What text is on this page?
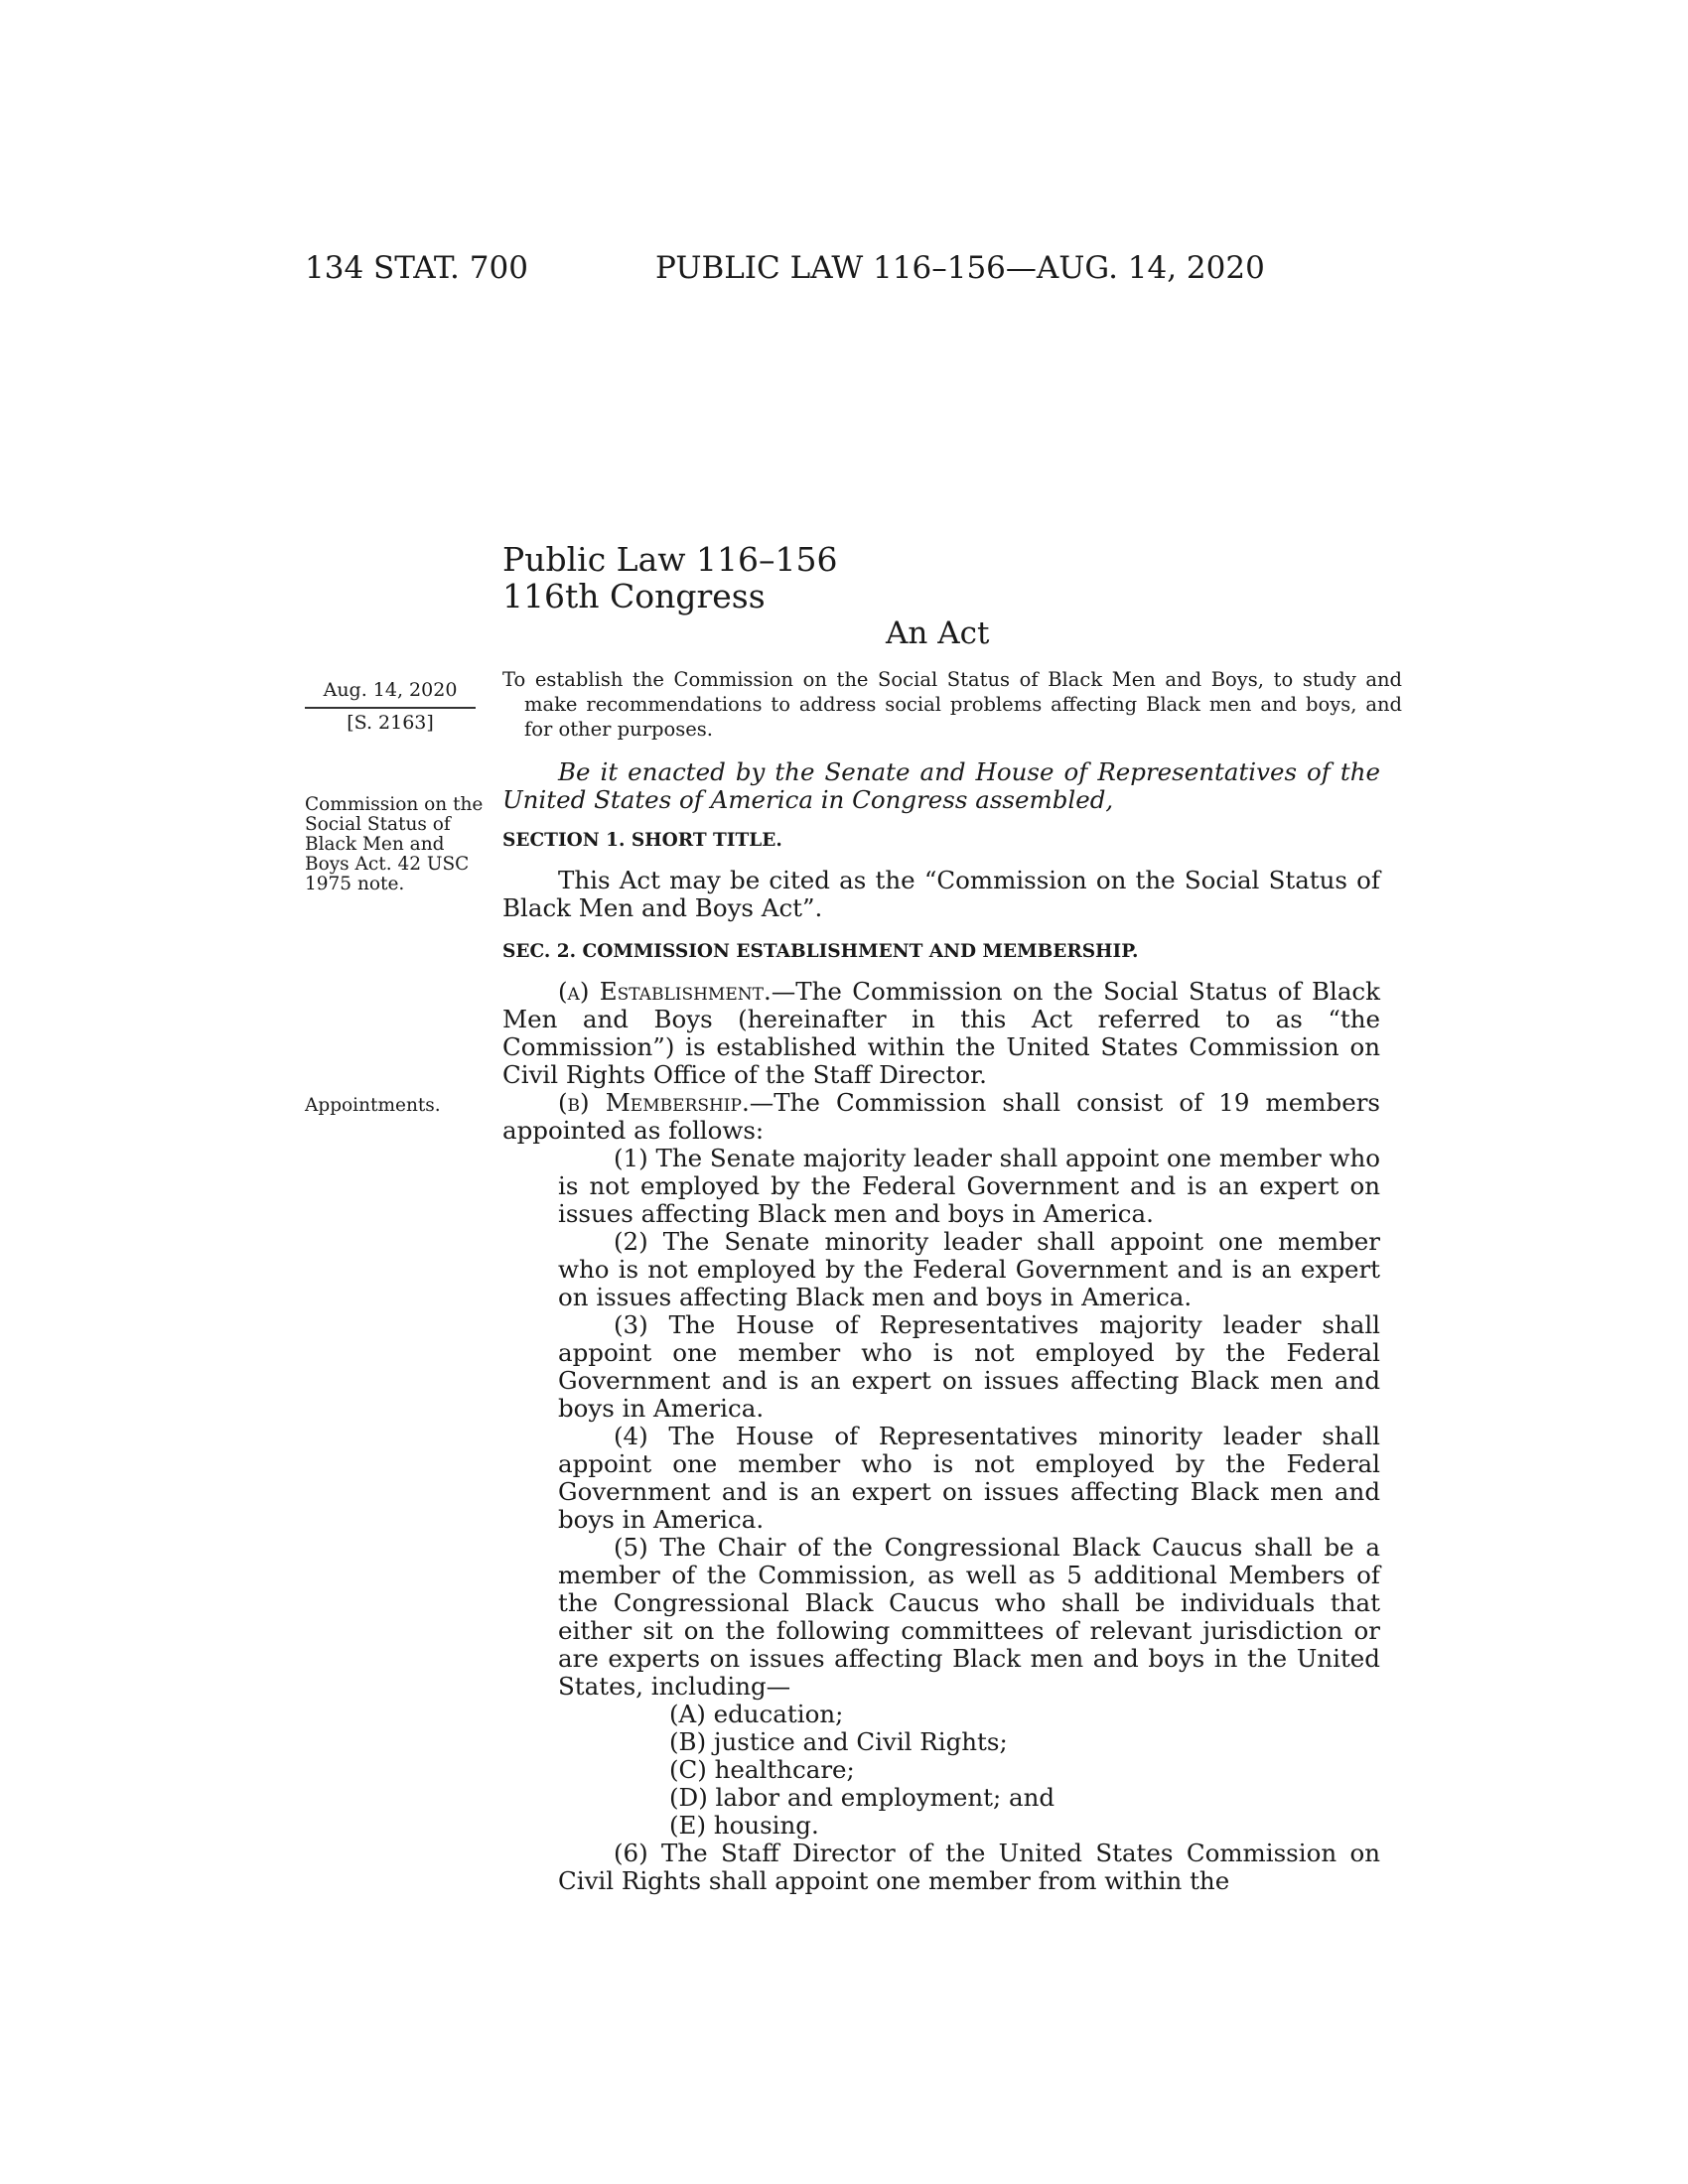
134 STAT. 700	PUBLIC LAW 116–156—AUG. 14, 2020
Public Law 116–156
116th Congress
An Act
Aug. 14, 2020
[S. 2163]
To establish the Commission on the Social Status of Black Men and Boys, to study and make recommendations to address social problems affecting Black men and boys, and for other purposes.
Commission on the Social Status of Black Men and Boys Act. 42 USC 1975 note.
Be it enacted by the Senate and House of Representatives of the United States of America in Congress assembled,
SECTION 1. SHORT TITLE.
This Act may be cited as the “Commission on the Social Status of Black Men and Boys Act”.
SEC. 2. COMMISSION ESTABLISHMENT AND MEMBERSHIP.
(a) Establishment.—The Commission on the Social Status of Black Men and Boys (hereinafter in this Act referred to as “the Commission”) is established within the United States Commission on Civil Rights Office of the Staff Director.
Appointments.	(b) Membership.—The Commission shall consist of 19 members appointed as follows:
(1) The Senate majority leader shall appoint one member who is not employed by the Federal Government and is an expert on issues affecting Black men and boys in America.
(2) The Senate minority leader shall appoint one member who is not employed by the Federal Government and is an expert on issues affecting Black men and boys in America.
(3) The House of Representatives majority leader shall appoint one member who is not employed by the Federal Government and is an expert on issues affecting Black men and boys in America.
(4) The House of Representatives minority leader shall appoint one member who is not employed by the Federal Government and is an expert on issues affecting Black men and boys in America.
(5) The Chair of the Congressional Black Caucus shall be a member of the Commission, as well as 5 additional Members of the Congressional Black Caucus who shall be individuals that either sit on the following committees of relevant jurisdiction or are experts on issues affecting Black men and boys in the United States, including—
(A) education;
(B) justice and Civil Rights;
(C) healthcare;
(D) labor and employment; and
(E) housing.
(6) The Staff Director of the United States Commission on Civil Rights shall appoint one member from within the
